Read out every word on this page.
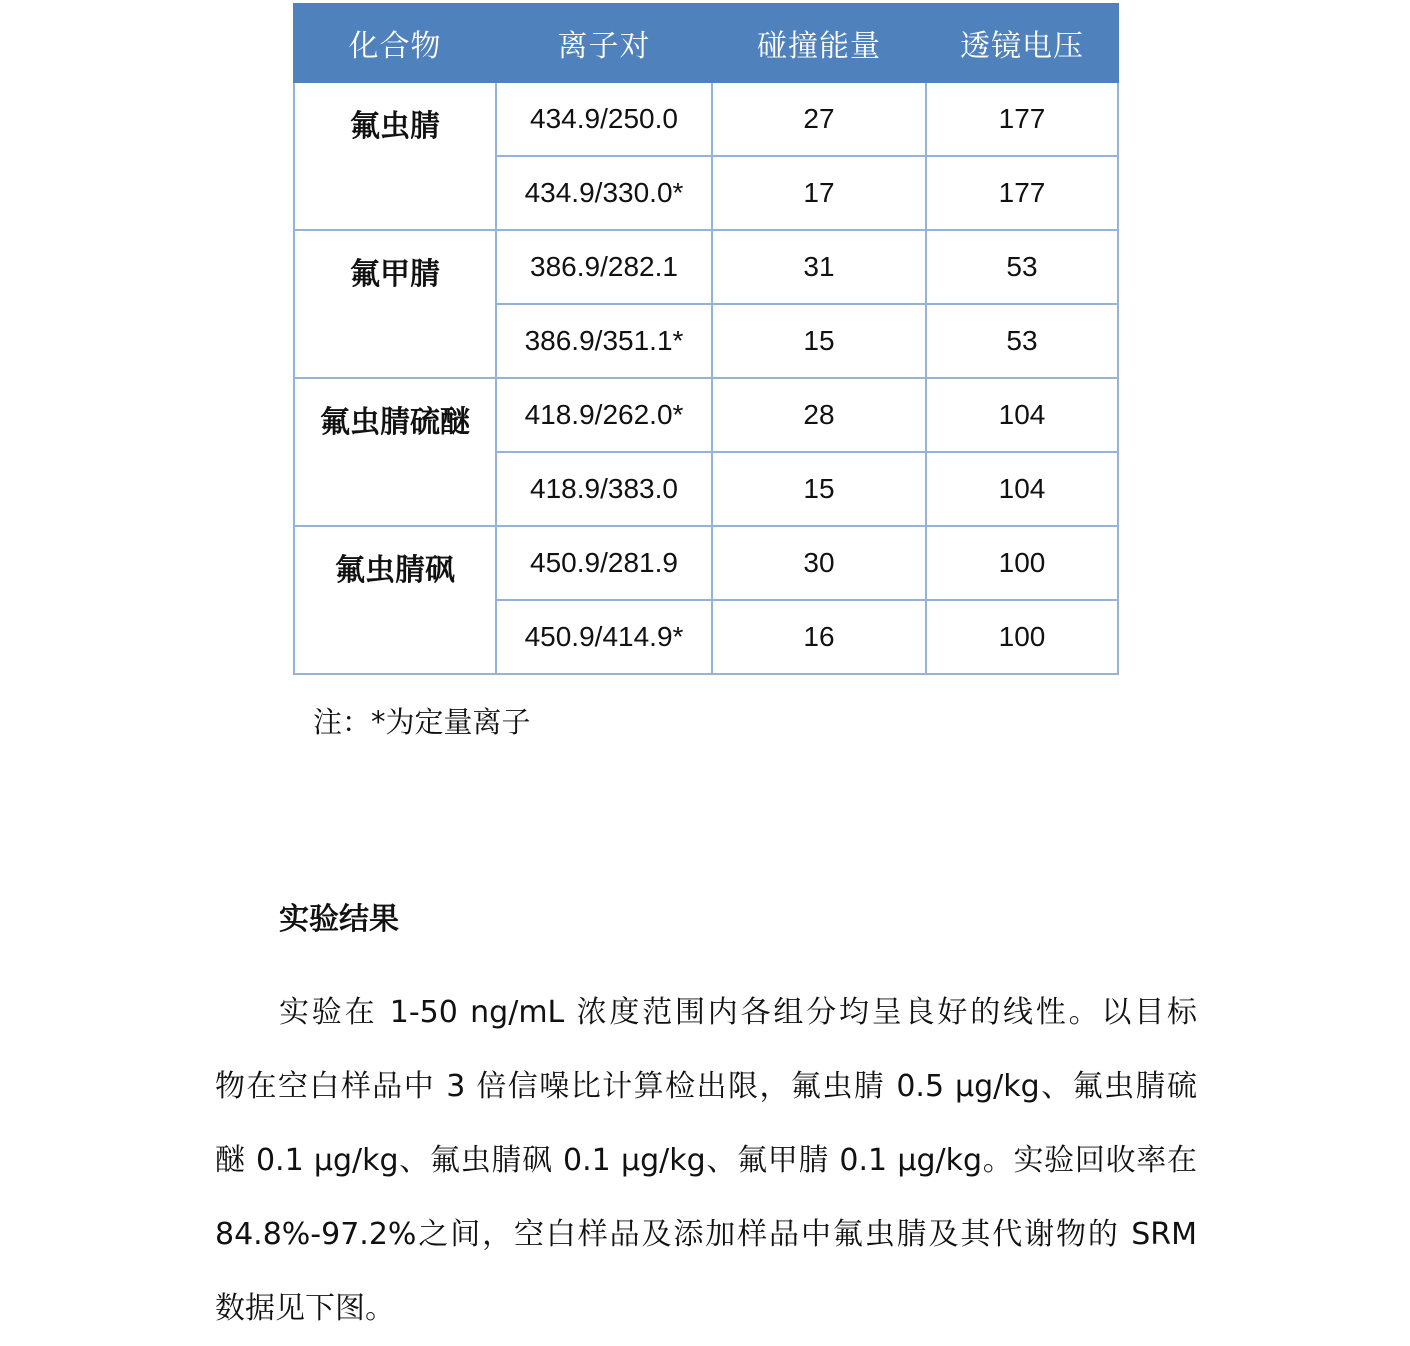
化合物	离子对	碰撞能量	透镜电压
氟虫腈	434.9/250.0	27	177
	434.9/330.0*	17	177
氟甲腈	386.9/282.1	31	53
	386.9/351.1*	15	53
氟虫腈硫醚	418.9/262.0*	28	104
	418.9/383.0	15	104
氟虫腈砜	450.9/281.9	30	100
	450.9/414.9*	16	100
注：*为定量离子
实验结果
实验在 1-50 ng/mL 浓度范围内各组分均呈良好的线性。以目标
物在空白样品中 3 倍信噪比计算检出限，氟虫腈 0.5 μg/kg、氟虫腈硫
醚 0.1 μg/kg、氟虫腈砜 0.1 μg/kg、氟甲腈 0.1 μg/kg。实验回收率在
84.8%-97.2%之间，空白样品及添加样品中氟虫腈及其代谢物的 SRM
数据见下图。
